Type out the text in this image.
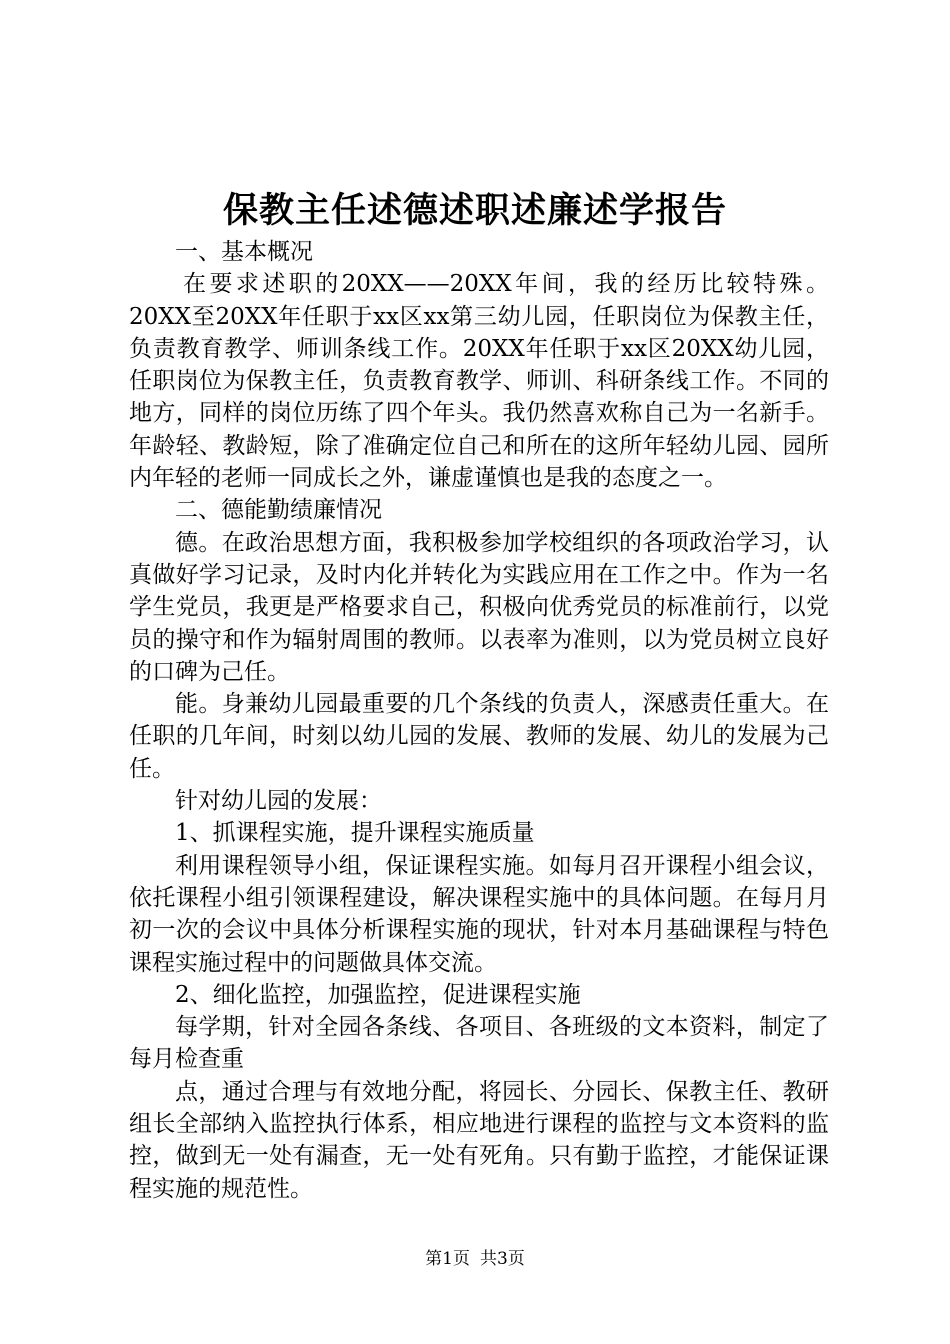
保教主任述德述职述廉述学报告

一、基本概况

在要求述职的20XX——20XX年间，我的经历比较特殊。20XX至20XX年任职于xx区xx第三幼儿园，任职岗位为保教主任，负责教育教学、师训条线工作。20XX年任职于xx区20XX幼儿园，任职岗位为保教主任，负责教育教学、师训、科研条线工作。不同的地方，同样的岗位历练了四个年头。我仍然喜欢称自己为一名新手。年龄轻、教龄短，除了准确定位自己和所在的这所年轻幼儿园、园所内年轻的老师一同成长之外，谦虚谨慎也是我的态度之一。

二、德能勤绩廉情况

德。在政治思想方面，我积极参加学校组织的各项政治学习，认真做好学习记录，及时内化并转化为实践应用在工作之中。作为一名学生党员，我更是严格要求自己，积极向优秀党员的标准前行，以党员的操守和作为辐射周围的教师。以表率为准则，以为党员树立良好的口碑为己任。

能。身兼幼儿园最重要的几个条线的负责人，深感责任重大。在任职的几年间，时刻以幼儿园的发展、教师的发展、幼儿的发展为己任。

针对幼儿园的发展：

1、抓课程实施，提升课程实施质量

利用课程领导小组，保证课程实施。如每月召开课程小组会议，依托课程小组引领课程建设，解决课程实施中的具体问题。在每月月初一次的会议中具体分析课程实施的现状，针对本月基础课程与特色课程实施过程中的问题做具体交流。

2、细化监控，加强监控，促进课程实施

每学期，针对全园各条线、各项目、各班级的文本资料，制定了每月检查重

点，通过合理与有效地分配，将园长、分园长、保教主任、教研组长全部纳入监控执行体系，相应地进行课程的监控与文本资料的监控，做到无一处有漏查，无一处有死角。只有勤于监控，才能保证课程实施的规范性。

第1页 共3页
